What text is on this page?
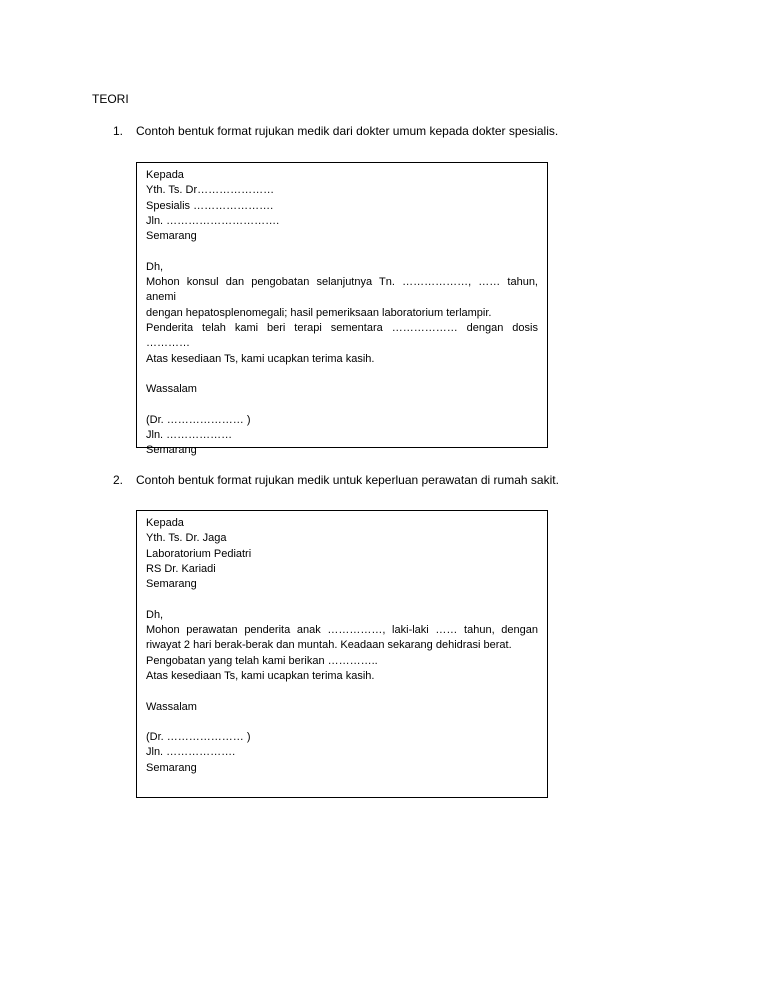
TEORI
1. Contoh bentuk format rujukan medik dari dokter umum kepada dokter spesialis.
Kepada
Yth. Ts. Dr…………………
Spesialis ………………….
Jln. ………………………….
Semarang
Dh,
Mohon konsul dan pengobatan selanjutnya Tn. ………………, …… tahun, anemi
dengan hepatosplenomegali; hasil pemeriksaan laboratorium terlampir.
Penderita telah kami beri terapi sementara ……………… dengan dosis
…………
Atas kesediaan Ts, kami ucapkan terima kasih.
Wassalam
(Dr. ………………… )
Jln. ………………
Semarang
2. Contoh bentuk format rujukan medik untuk keperluan perawatan di rumah sakit.
Kepada
Yth. Ts. Dr. Jaga
Laboratorium Pediatri
RS Dr. Kariadi
Semarang
Dh,
Mohon perawatan penderita anak ……………, laki-laki …… tahun, dengan
riwayat 2 hari berak-berak dan muntah. Keadaan sekarang dehidrasi berat.
Pengobatan yang telah kami berikan …………..
Atas kesediaan Ts, kami ucapkan terima kasih.
Wassalam
(Dr. ………………… )
Jln. ……………….
Semarang
